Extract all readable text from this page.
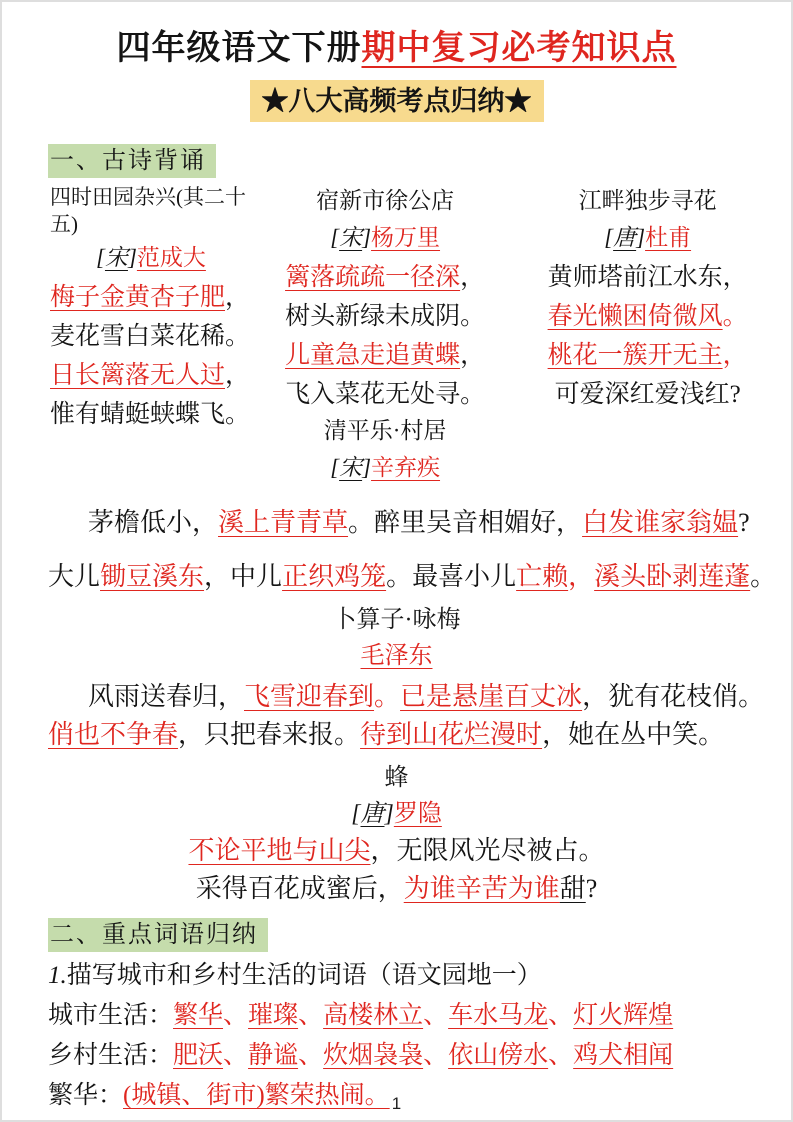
四年级语文下册期中复习必考知识点
★八大高频考点归纳★
一、古诗背诵
四时田园杂兴(其二十五)
[宋]范成大
梅子金黄杏子肥，
麦花雪白菜花稀。
日长篱落无人过，
惟有蜻蜓蛱蝶飞。
宿新市徐公店
[宋]杨万里
篱落疏疏一径深，
树头新绿未成阴。
儿童急走追黄蝶，
飞入菜花无处寻。
清平乐·村居
[宋]辛弃疾
江畔独步寻花
[唐]杜甫
黄师塔前江水东，
春光懒困倚微风。
桃花一簇开无主，
可爱深红爱浅红?
茅檐低小，溪上青青草。醉里吴音相媚好，白发谁家翁媪?
大儿锄豆溪东，中儿正织鸡笼。最喜小儿亡赖，溪头卧剥莲蓬。
卜算子·咏梅
毛泽东
风雨送春归，飞雪迎春到。已是悬崖百丈冰，犹有花枝俏。
俏也不争春，只把春来报。待到山花烂漫时，她在丛中笑。
蜂
[唐]罗隐
不论平地与山尖，无限风光尽被占。
采得百花成蜜后，为谁辛苦为谁甜?
二、重点词语归纳
1.描写城市和乡村生活的词语（语文园地一）
城市生活：繁华、璀璨、高楼林立、车水马龙、灯火辉煌
乡村生活：肥沃、静谧、炊烟袅袅、依山傍水、鸡犬相闻
繁华：(城镇、街市)繁荣热闹。 1
